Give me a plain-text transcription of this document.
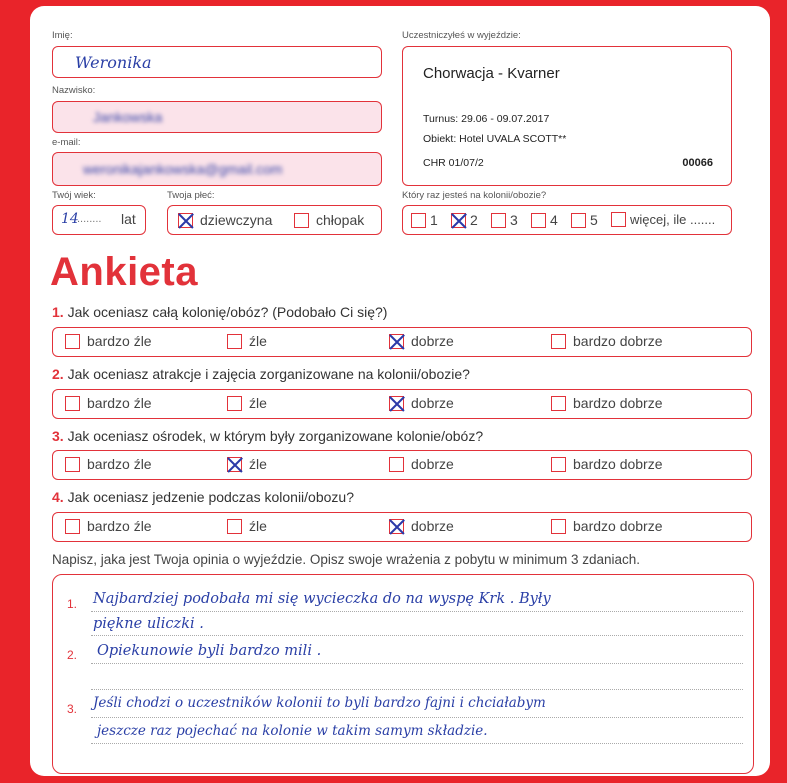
Imię:
Weronika
Nazwisko:
Jankowska
e-mail:
weronikajankowska@gmail.com
Twój wiek:
14
........ lat
Twoja płeć:
dziewczyna	chłopak
Uczestniczyłeś w wyjeździe:
Chorwacja - Kvarner
Turnus: 29.06 - 09.07.2017
Obiekt: Hotel UVALA SCOTT**
CHR 01/07/2	00066
Który raz jesteś na kolonii/obozie?
1 2 3 4 5 więcej, ile .......
Ankieta
1. Jak oceniasz całą kolonię/obóz? (Podobało Ci się?)
bardzo źle	źle	dobrze	bardzo dobrze
2. Jak oceniasz atrakcje i zajęcia zorganizowane na kolonii/obozie?
bardzo źle	źle	dobrze	bardzo dobrze
3. Jak oceniasz ośrodek, w którym były zorganizowane kolonie/obóz?
bardzo źle	źle	dobrze	bardzo dobrze
4. Jak oceniasz jedzenie podczas kolonii/obozu?
bardzo źle	źle	dobrze	bardzo dobrze
Napisz, jaka jest Twoja opinia o wyjeździe. Opisz swoje wrażenia z pobytu w minimum 3 zdaniach.
1.
2.
3.
Najbardziej podobała mi się wycieczka do na wyspę Krk . Były
piękne uliczki .
Opiekunowie byli bardzo mili .
Jeśli chodzi o uczestników kolonii to byli bardzo fajni i chciałabym
jeszcze raz pojechać na kolonie w takim samym składzie.
